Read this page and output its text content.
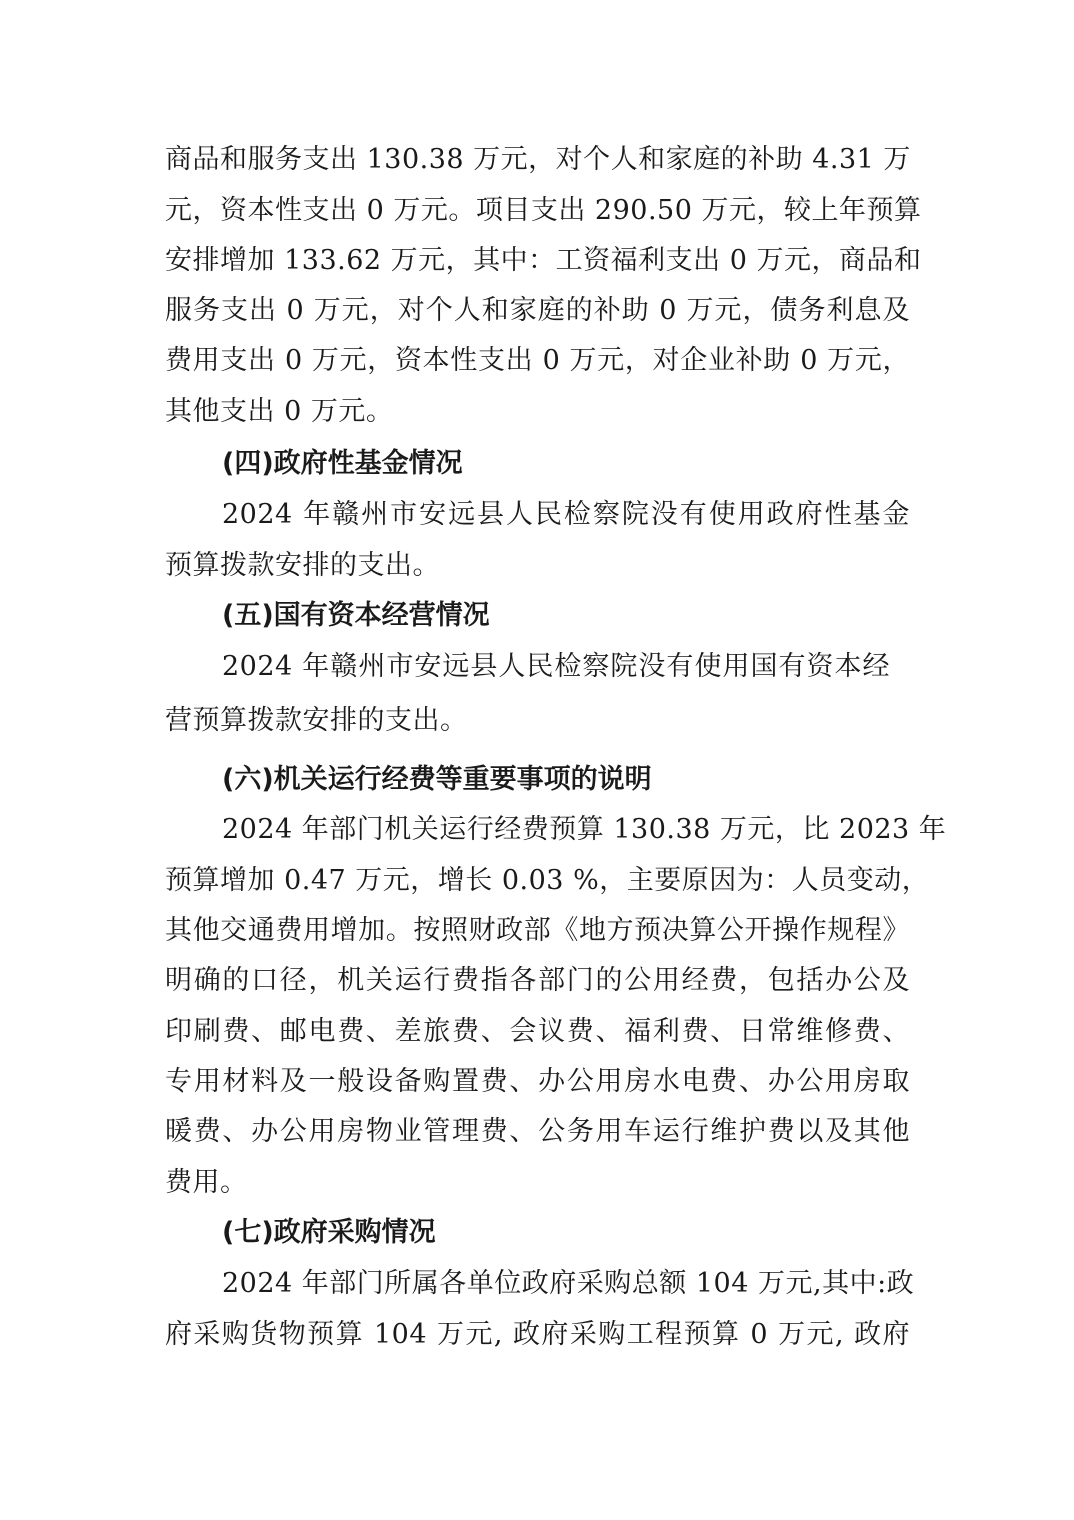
商品和服务支出 130.38 万元，对个人和家庭的补助 4.31 万
元，资本性支出 0 万元。项目支出 290.50 万元，较上年预算
安排增加 133.62 万元，其中：工资福利支出 0 万元，商品和
服务支出 0 万元，对个人和家庭的补助 0 万元，债务利息及
费用支出 0 万元，资本性支出 0 万元，对企业补助 0 万元，
其他支出 0 万元。
(四)政府性基金情况
2024 年赣州市安远县人民检察院没有使用政府性基金
预算拨款安排的支出。
(五)国有资本经营情况
2024 年赣州市安远县人民检察院没有使用国有资本经
营预算拨款安排的支出。
(六)机关运行经费等重要事项的说明
2024 年部门机关运行经费预算 130.38 万元，比 2023 年
预算增加 0.47 万元，增长 0.03 %，主要原因为：人员变动，
其他交通费用增加。按照财政部《地方预决算公开操作规程》
明确的口径，机关运行费指各部门的公用经费，包括办公及
印刷费、邮电费、差旅费、会议费、福利费、日常维修费、
专用材料及一般设备购置费、办公用房水电费、办公用房取
暖费、办公用房物业管理费、公务用车运行维护费以及其他
费用。
(七)政府采购情况
2024 年部门所属各单位政府采购总额 104 万元,其中:政
府采购货物预算 104 万元, 政府采购工程预算 0 万元, 政府
